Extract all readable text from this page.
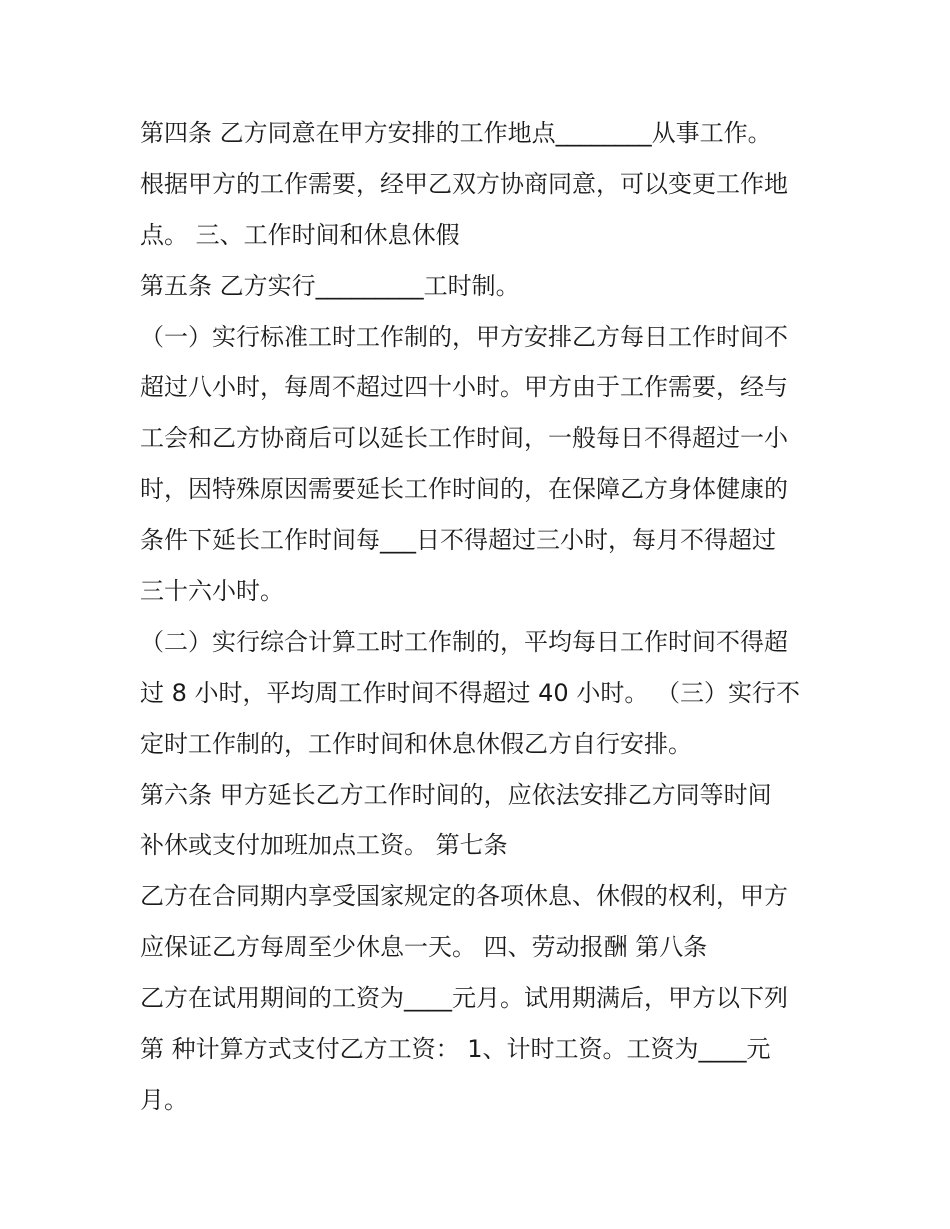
第四条 乙方同意在甲方安排的工作地点________从事工作。
根据甲方的工作需要，经甲乙双方协商同意，可以变更工作地
点。 三、工作时间和休息休假
第五条 乙方实行_________工时制。
（一）实行标准工时工作制的，甲方安排乙方每日工作时间不
超过八小时，每周不超过四十小时。甲方由于工作需要，经与
工会和乙方协商后可以延长工作时间，一般每日不得超过一小
时，因特殊原因需要延长工作时间的，在保障乙方身体健康的
条件下延长工作时间每___日不得超过三小时，每月不得超过
三十六小时。
（二）实行综合计算工时工作制的，平均每日工作时间不得超
过 8 小时，平均周工作时间不得超过 40 小时。 （三）实行不
定时工作制的，工作时间和休息休假乙方自行安排。
第六条 甲方延长乙方工作时间的，应依法安排乙方同等时间
补休或支付加班加点工资。 第七条
乙方在合同期内享受国家规定的各项休息、休假的权利，甲方
应保证乙方每周至少休息一天。 四、劳动报酬 第八条
乙方在试用期间的工资为____元月。试用期满后，甲方以下列
第 种计算方式支付乙方工资： 1、计时工资。工资为____元
月。
